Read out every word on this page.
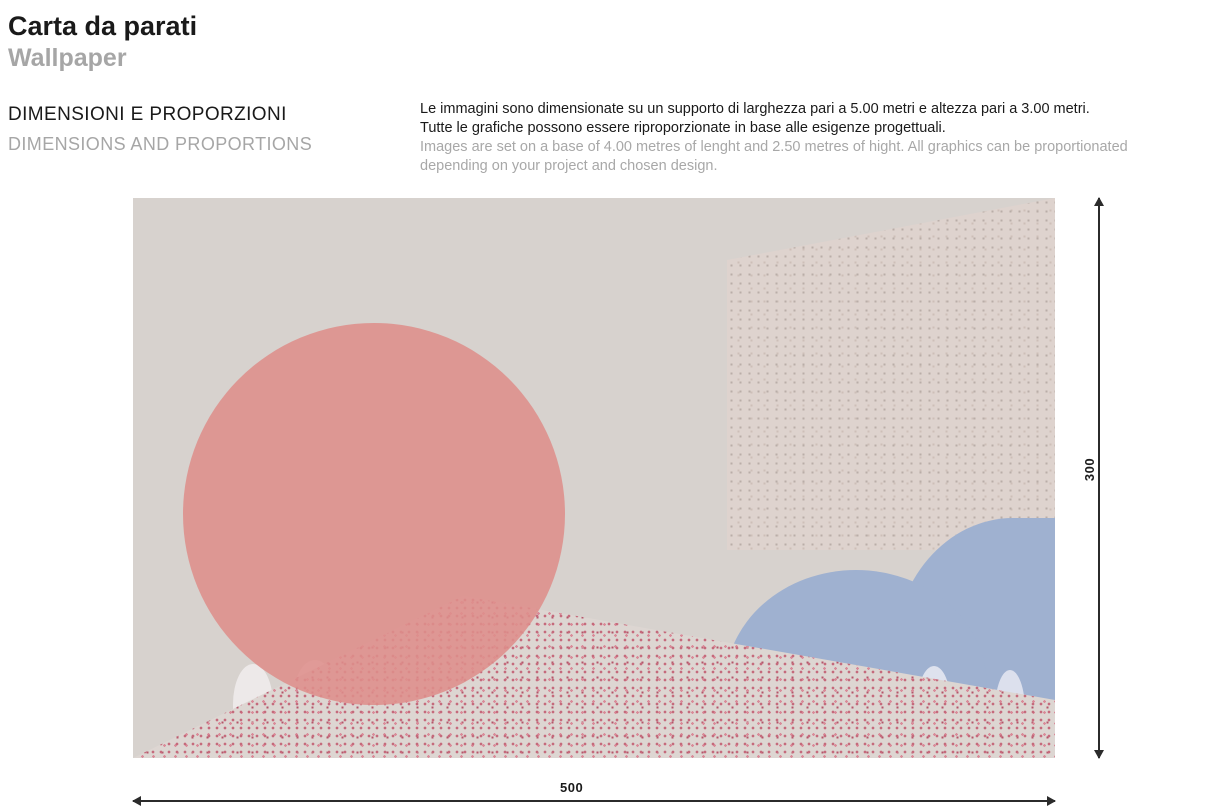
Carta da parati
Wallpaper
DIMENSIONI E PROPORZIONI
DIMENSIONS AND PROPORTIONS
Le immagini sono dimensionate su un supporto di larghezza pari a 5.00 metri e altezza pari a 3.00 metri.
Tutte le grafiche possono essere riproporzionate in base alle esigenze progettuali.
Images are set on a base of 4.00 metres of lenght and 2.50 metres of hight. All graphics can be proportionated
depending on your project and chosen design.
300
500
